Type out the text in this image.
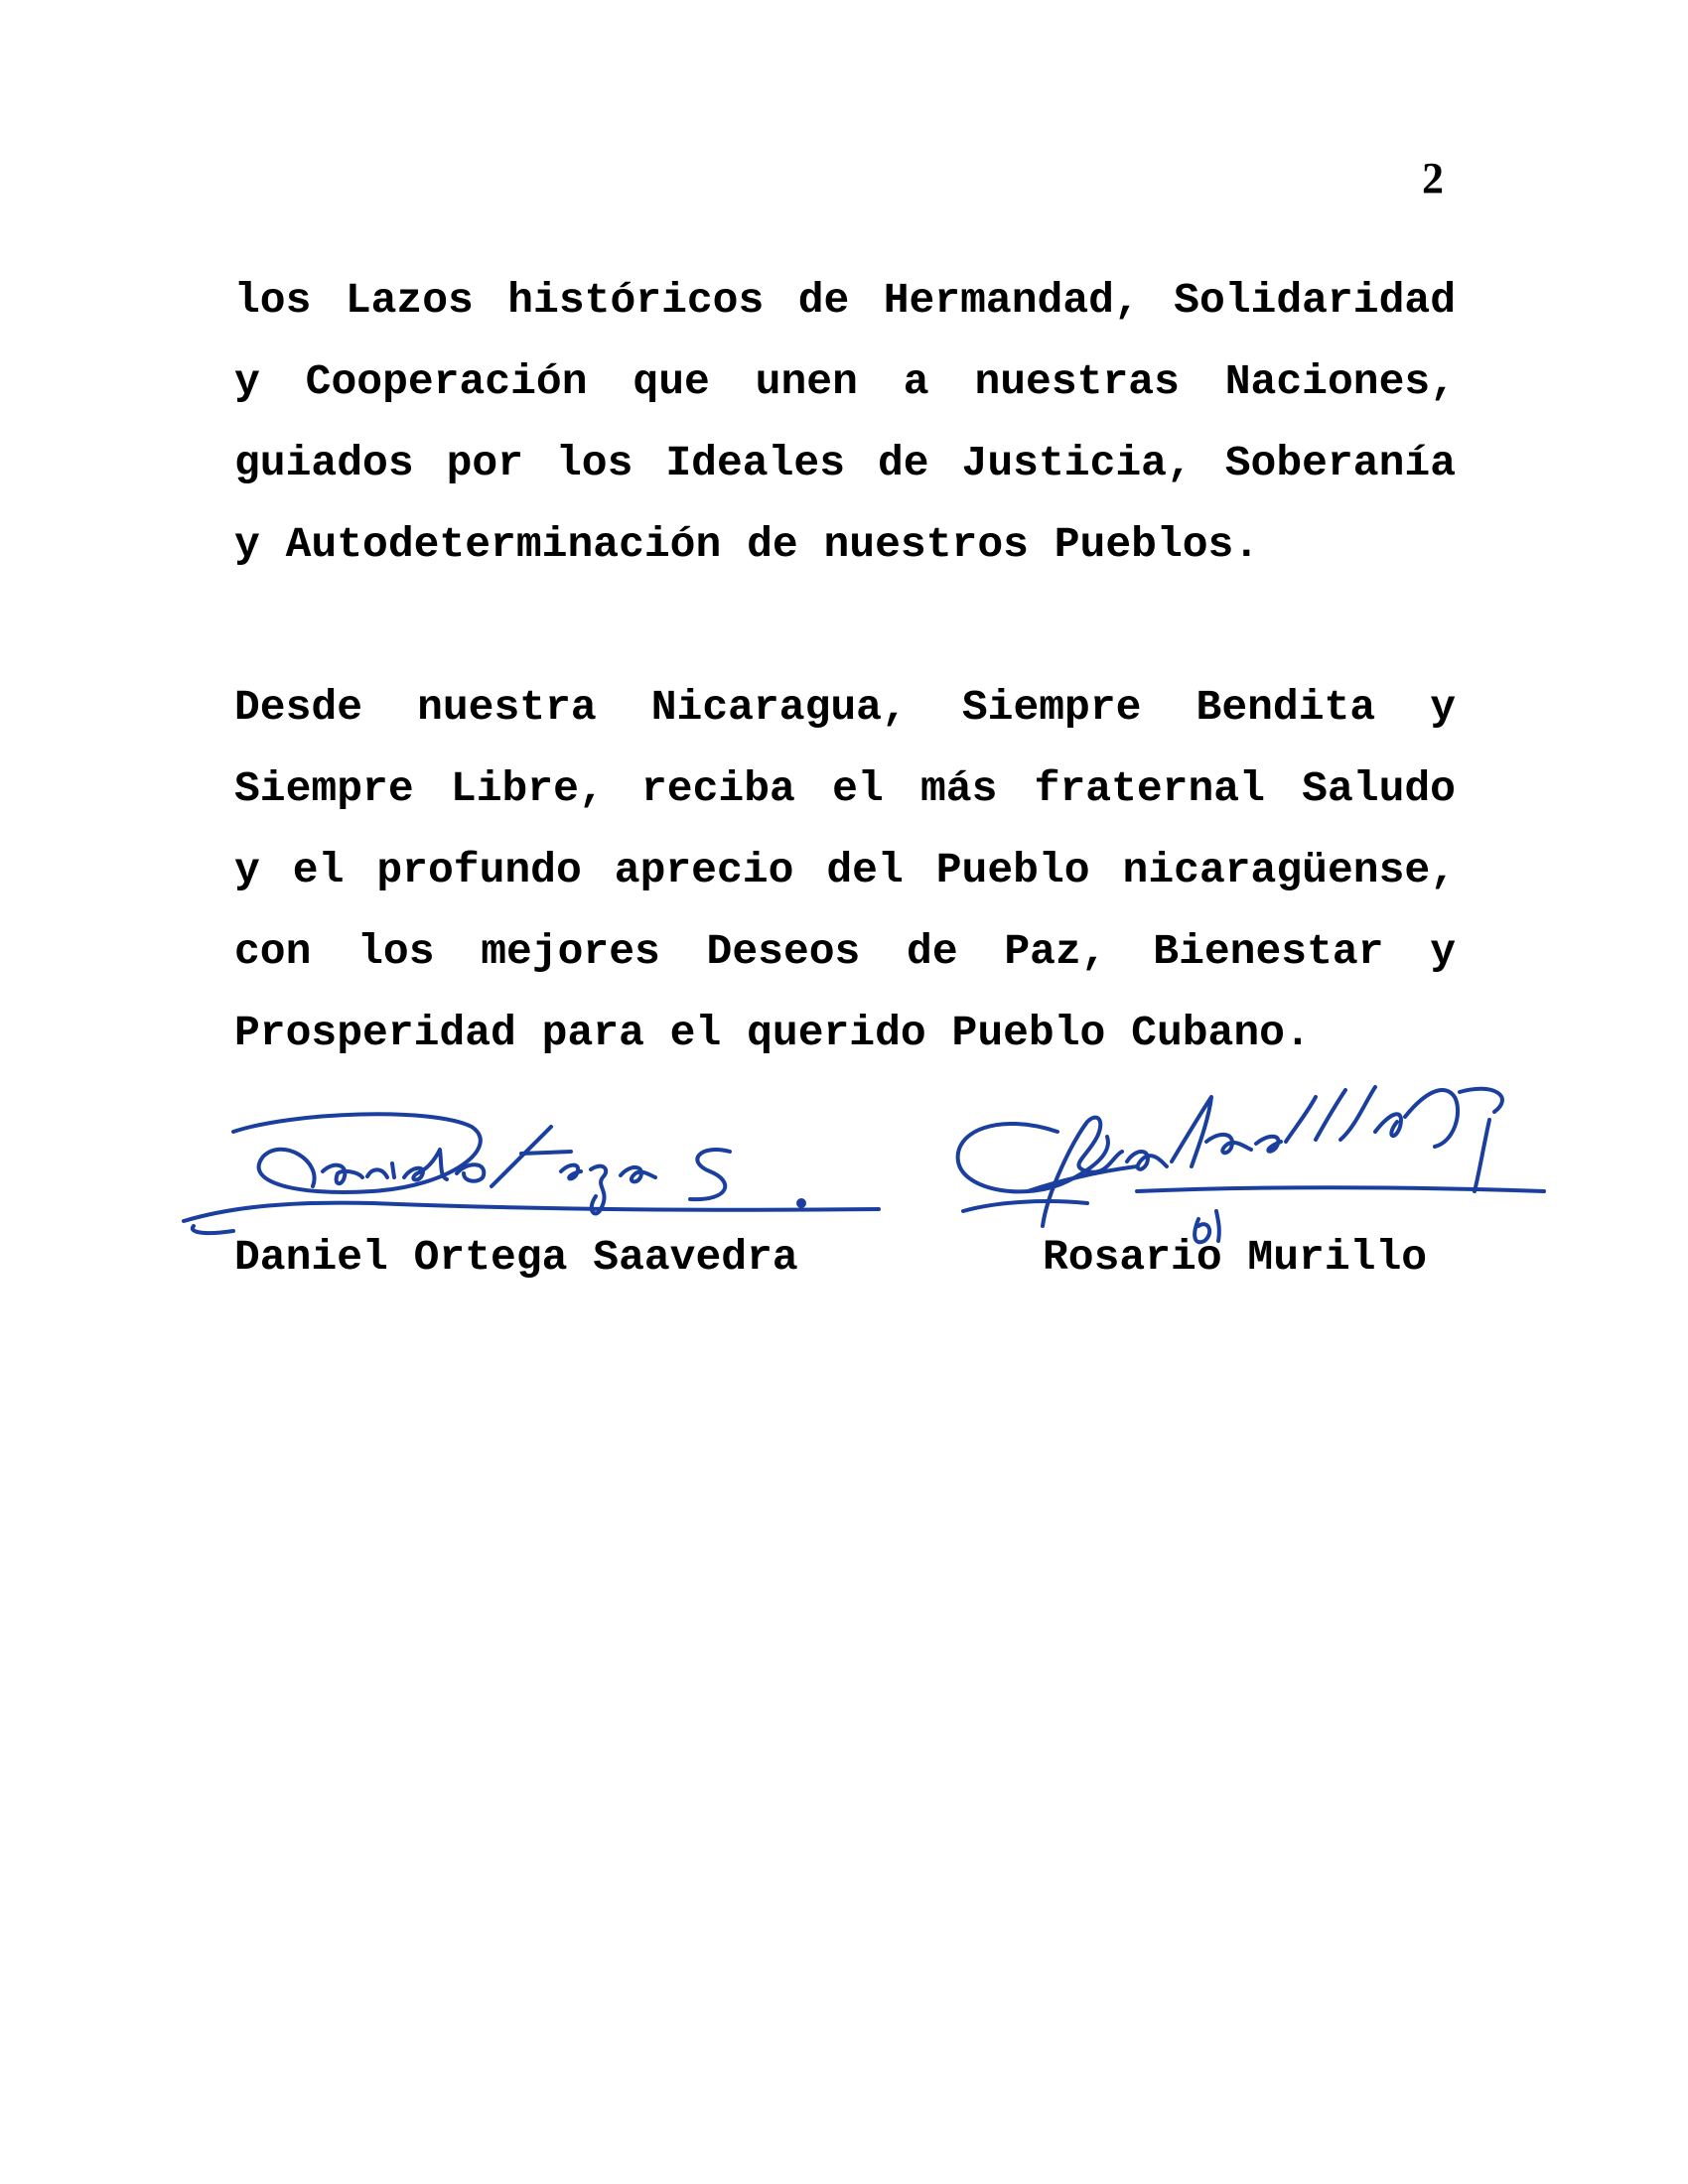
2
los Lazos históricos de Hermandad, Solidaridad
y Cooperación que unen a nuestras Naciones,
guiados por los Ideales de Justicia, Soberanía
y Autodeterminación de nuestros Pueblos.
Desde nuestra Nicaragua, Siempre Bendita y
Siempre Libre, reciba el más fraternal Saludo
y el profundo aprecio del Pueblo nicaragüense,
con los mejores Deseos de Paz, Bienestar y
Prosperidad para el querido Pueblo Cubano.
Daniel Ortega Saavedra	Rosario Murillo
